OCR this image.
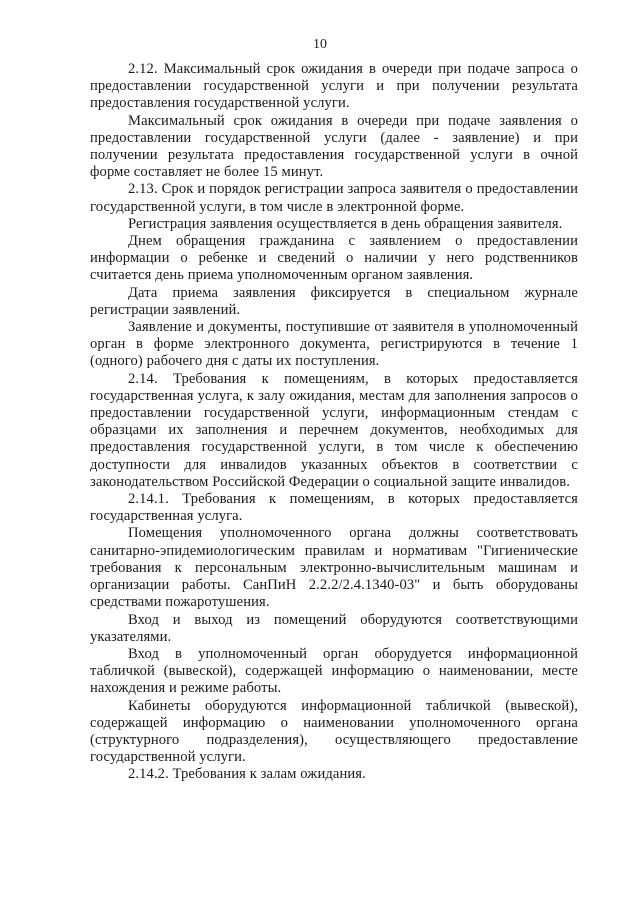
10

2.12. Максимальный срок ожидания в очереди при подаче запроса о предоставлении государственной услуги и при получении результата предоставления государственной услуги.

Максимальный срок ожидания в очереди при подаче заявления о предоставлении государственной услуги (далее - заявление) и при получении результата предоставления государственной услуги в очной форме составляет не более 15 минут.

2.13. Срок и порядок регистрации запроса заявителя о предоставлении государственной услуги, в том числе в электронной форме.

Регистрация заявления осуществляется в день обращения заявителя.

Днем обращения гражданина с заявлением о предоставлении информации о ребенке и сведений о наличии у него родственников считается день приема уполномоченным органом заявления.

Дата приема заявления фиксируется в специальном журнале регистрации заявлений.

Заявление и документы, поступившие от заявителя в уполномоченный орган в форме электронного документа, регистрируются в течение 1 (одного) рабочего дня с даты их поступления.

2.14. Требования к помещениям, в которых предоставляется государственная услуга, к залу ожидания, местам для заполнения запросов о предоставлении государственной услуги, информационным стендам с образцами их заполнения и перечнем документов, необходимых для предоставления государственной услуги, в том числе к обеспечению доступности для инвалидов указанных объектов в соответствии с законодательством Российской Федерации о социальной защите инвалидов.

2.14.1. Требования к помещениям, в которых предоставляется государственная услуга.

Помещения уполномоченного органа должны соответствовать санитарно-эпидемиологическим правилам и нормативам "Гигиенические требования к персональным электронно-вычислительным машинам и организации работы. СанПиН 2.2.2/2.4.1340-03" и быть оборудованы средствами пожаротушения.

Вход и выход из помещений оборудуются соответствующими указателями.

Вход в уполномоченный орган оборудуется информационной табличкой (вывеской), содержащей информацию о наименовании, месте нахождения и режиме работы.

Кабинеты оборудуются информационной табличкой (вывеской), содержащей информацию о наименовании уполномоченного органа (структурного подразделения), осуществляющего предоставление государственной услуги.

2.14.2. Требования к залам ожидания.
